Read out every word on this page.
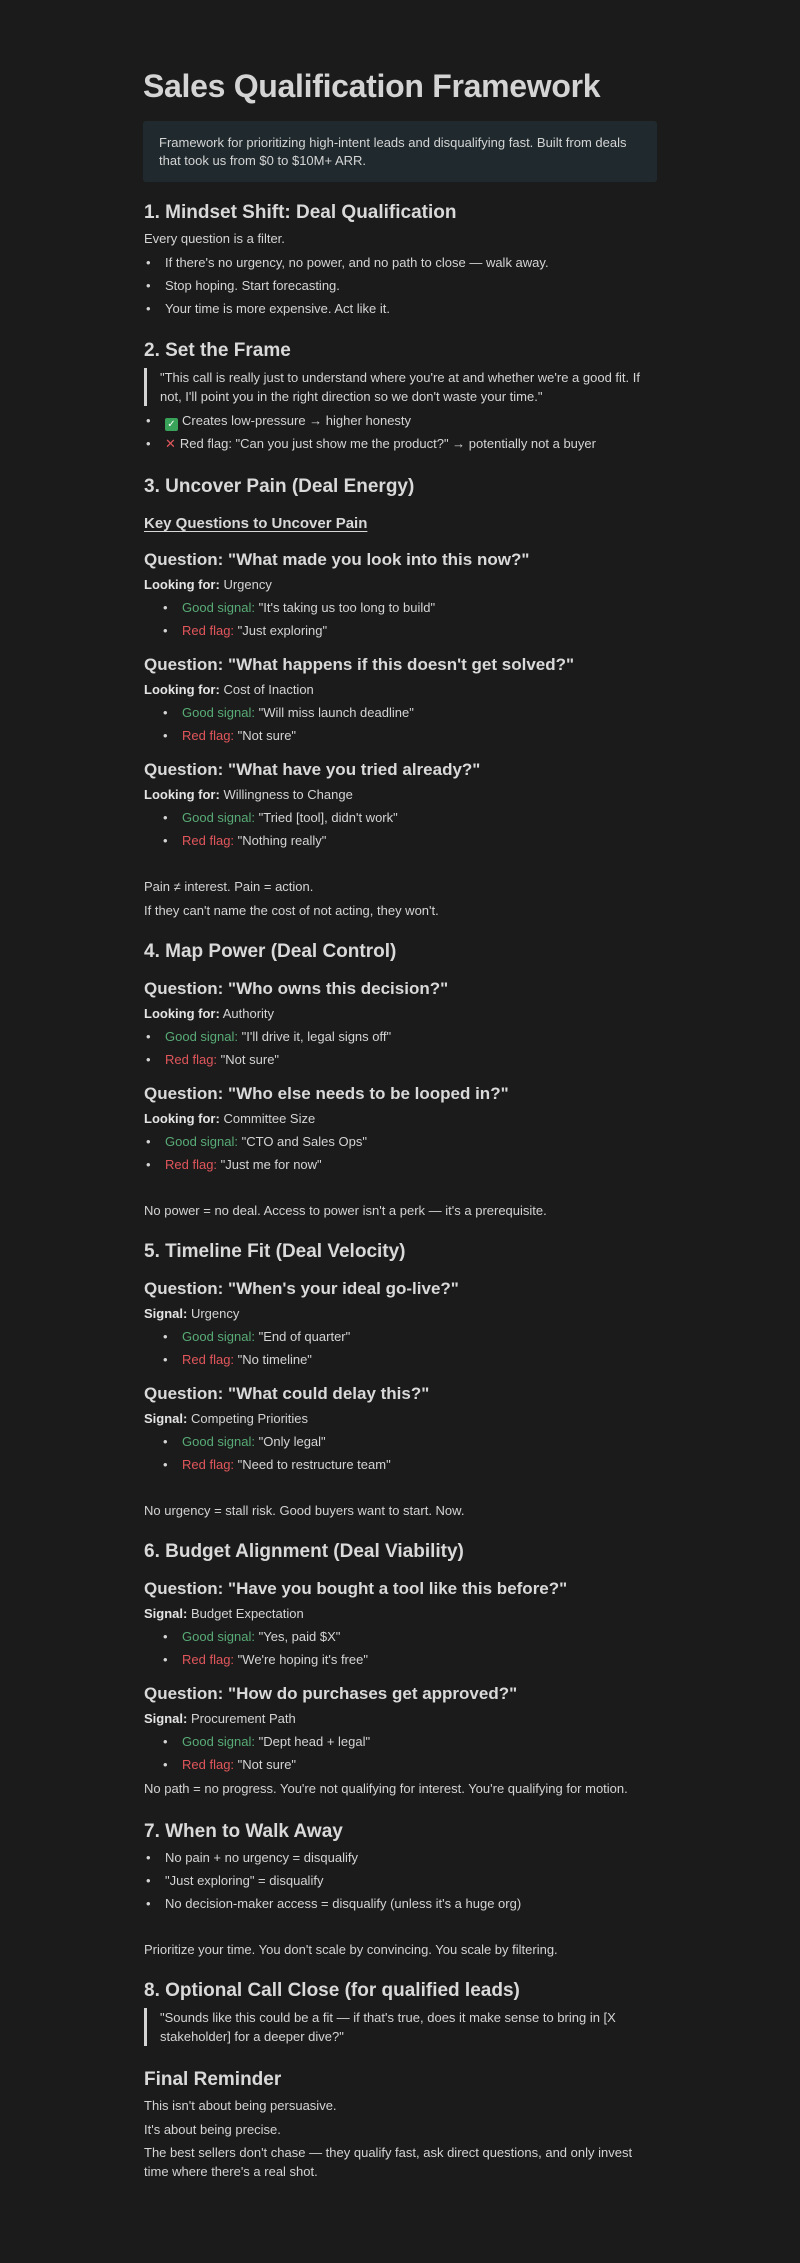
Sales Qualification Framework
Framework for prioritizing high-intent leads and disqualifying fast. Built from deals that took us from $0 to $10M+ ARR.
1. Mindset Shift: Deal Qualification
Every question is a filter.
• If there's no urgency, no power, and no path to close — walk away.
• Stop hoping. Start forecasting.
• Your time is more expensive. Act like it.
2. Set the Frame
"This call is really just to understand where you're at and whether we're a good fit. If not, I'll point you in the right direction so we don't waste your time."
• ✓ Creates low-pressure → higher honesty
• ✕ Red flag: "Can you just show me the product?" → potentially not a buyer
3. Uncover Pain (Deal Energy)
Key Questions to Uncover Pain
Question: "What made you look into this now?"
Looking for: Urgency
• Good signal: "It's taking us too long to build"
• Red flag: "Just exploring"
Question: "What happens if this doesn't get solved?"
Looking for: Cost of Inaction
• Good signal: "Will miss launch deadline"
• Red flag: "Not sure"
Question: "What have you tried already?"
Looking for: Willingness to Change
• Good signal: "Tried [tool], didn't work"
• Red flag: "Nothing really"
Pain ≠ interest. Pain = action.
If they can't name the cost of not acting, they won't.
4. Map Power (Deal Control)
Question: "Who owns this decision?"
Looking for: Authority
• Good signal: "I'll drive it, legal signs off"
• Red flag: "Not sure"
Question: "Who else needs to be looped in?"
Looking for: Committee Size
• Good signal: "CTO and Sales Ops"
• Red flag: "Just me for now"
No power = no deal. Access to power isn't a perk — it's a prerequisite.
5. Timeline Fit (Deal Velocity)
Question: "When's your ideal go-live?"
Signal: Urgency
• Good signal: "End of quarter"
• Red flag: "No timeline"
Question: "What could delay this?"
Signal: Competing Priorities
• Good signal: "Only legal"
• Red flag: "Need to restructure team"
No urgency = stall risk. Good buyers want to start. Now.
6. Budget Alignment (Deal Viability)
Question: "Have you bought a tool like this before?"
Signal: Budget Expectation
• Good signal: "Yes, paid $X"
• Red flag: "We're hoping it's free"
Question: "How do purchases get approved?"
Signal: Procurement Path
• Good signal: "Dept head + legal"
• Red flag: "Not sure"
No path = no progress. You're not qualifying for interest. You're qualifying for motion.
7. When to Walk Away
• No pain + no urgency = disqualify
• "Just exploring" = disqualify
• No decision-maker access = disqualify (unless it's a huge org)
Prioritize your time. You don't scale by convincing. You scale by filtering.
8. Optional Call Close (for qualified leads)
"Sounds like this could be a fit — if that's true, does it make sense to bring in [X stakeholder] for a deeper dive?"
Final Reminder
This isn't about being persuasive.
It's about being precise.
The best sellers don't chase — they qualify fast, ask direct questions, and only invest time where there's a real shot.
